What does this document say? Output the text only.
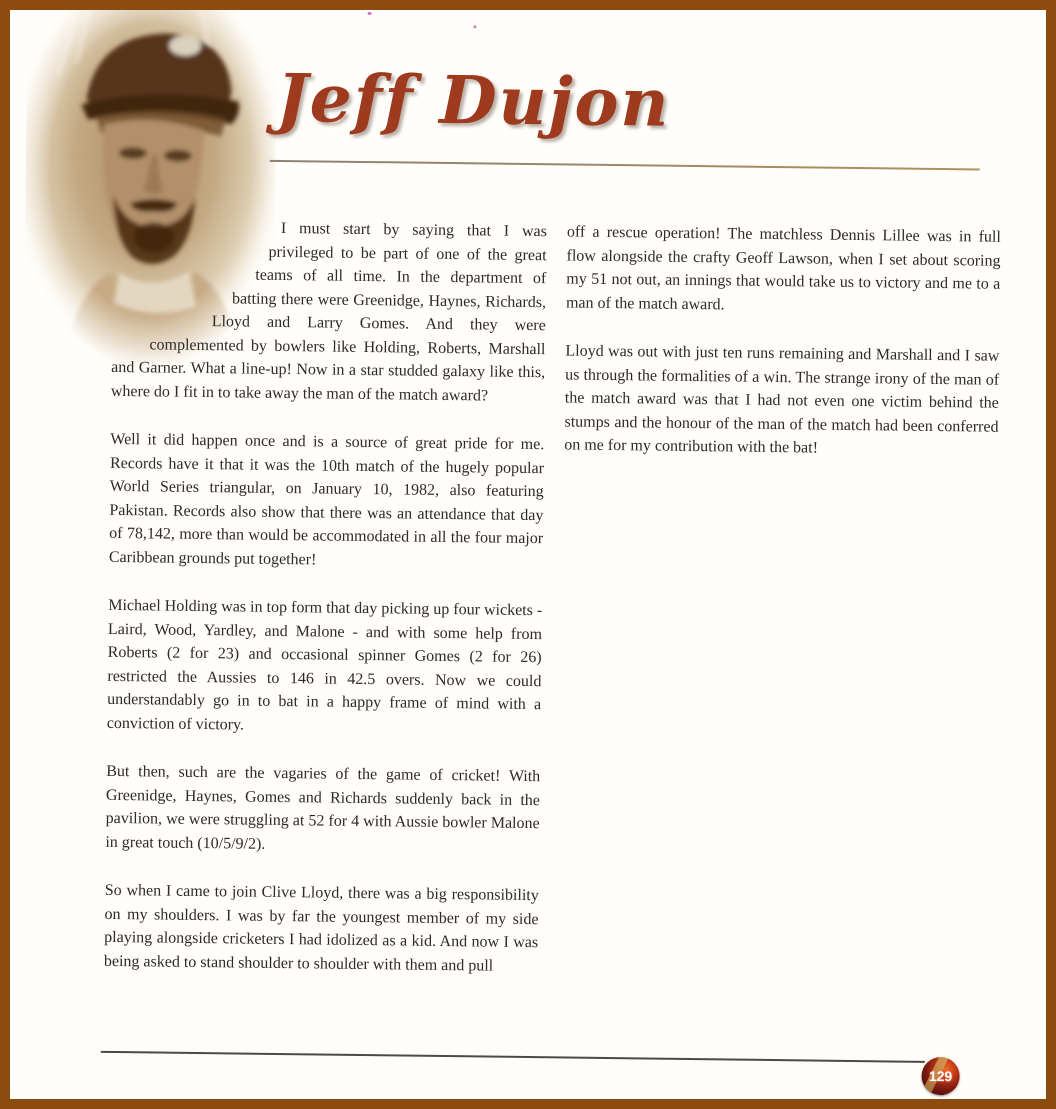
Jeff Dujon

I must start by saying that I was privileged to be part of one of the great teams of all time. In the department of batting there were Greenidge, Haynes, Richards, Lloyd and Larry Gomes. And they were complemented by bowlers like Holding, Roberts, Marshall and Garner. What a line-up! Now in a star studded galaxy like this, where do I fit in to take away the man of the match award?

Well it did happen once and is a source of great pride for me. Records have it that it was the 10th match of the hugely popular World Series triangular, on January 10, 1982, also featuring Pakistan. Records also show that there was an attendance that day of 78,142, more than would be accommodated in all the four major Caribbean grounds put together!

Michael Holding was in top form that day picking up four wickets - Laird, Wood, Yardley, and Malone - and with some help from Roberts (2 for 23) and occasional spinner Gomes (2 for 26) restricted the Aussies to 146 in 42.5 overs. Now we could understandably go in to bat in a happy frame of mind with a conviction of victory.

But then, such are the vagaries of the game of cricket! With Greenidge, Haynes, Gomes and Richards suddenly back in the pavilion, we were struggling at 52 for 4 with Aussie bowler Malone in great touch (10/5/9/2).

So when I came to join Clive Lloyd, there was a big responsibility on my shoulders. I was by far the youngest member of my side playing alongside cricketers I had idolized as a kid. And now I was being asked to stand shoulder to shoulder with them and pull

off a rescue operation! The matchless Dennis Lillee was in full flow alongside the crafty Geoff Lawson, when I set about scoring my 51 not out, an innings that would take us to victory and me to a man of the match award.

Lloyd was out with just ten runs remaining and Marshall and I saw us through the formalities of a win. The strange irony of the man of the match award was that I had not even one victim behind the stumps and the honour of the man of the match had been conferred on me for my contribution with the bat!

129
